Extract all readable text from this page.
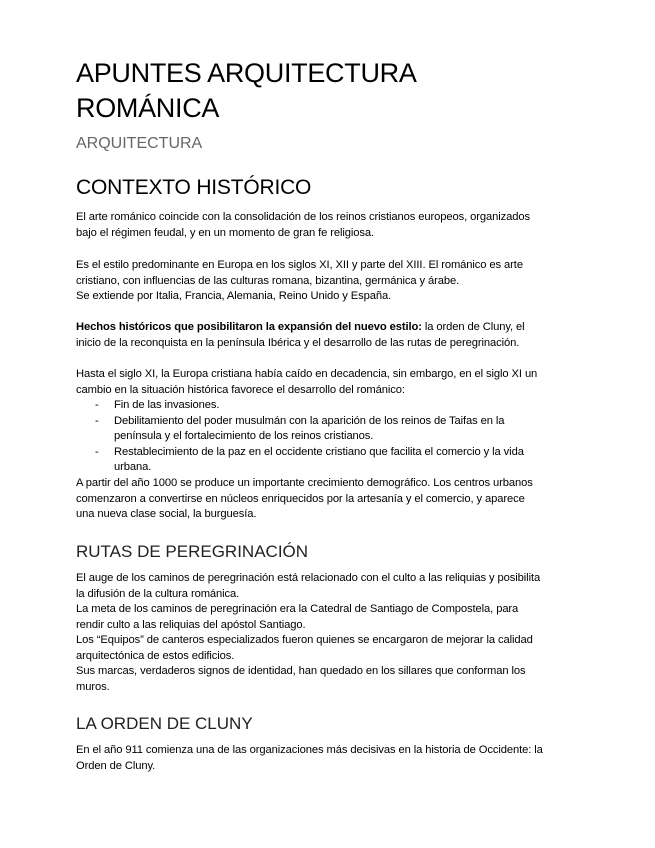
APUNTES ARQUITECTURA
ROMÁNICA

ARQUITECTURA

CONTEXTO HISTÓRICO

El arte románico coincide con la consolidación de los reinos cristianos europeos, organizados
bajo el régimen feudal, y en un momento de gran fe religiosa.

Es el estilo predominante en Europa en los siglos XI, XII y parte del XIII. El románico es arte
cristiano, con influencias de las culturas romana, bizantina, germánica y árabe.
Se extiende por Italia, Francia, Alemania, Reino Unido y España.

Hechos históricos que posibilitaron la expansión del nuevo estilo: la orden de Cluny, el
inicio de la reconquista en la península Ibérica y el desarrollo de las rutas de peregrinación.

Hasta el siglo XI, la Europa cristiana había caído en decadencia, sin embargo, en el siglo XI un
cambio en la situación histórica favorece el desarrollo del románico:

- Fin de las invasiones.
- Debilitamiento del poder musulmán con la aparición de los reinos de Taifas en la
península y el fortalecimiento de los reinos cristianos.
- Restablecimiento de la paz en el occidente cristiano que facilita el comercio y la vida
urbana.

A partir del año 1000 se produce un importante crecimiento demográfico. Los centros urbanos
comenzaron a convertirse en núcleos enriquecidos por la artesanía y el comercio, y aparece
una nueva clase social, la burguesía.

RUTAS DE PEREGRINACIÓN

El auge de los caminos de peregrinación está relacionado con el culto a las reliquias y posibilita
la difusión de la cultura románica.
La meta de los caminos de peregrinación era la Catedral de Santiago de Compostela, para
rendir culto a las reliquias del apóstol Santiago.
Los “Equipos” de canteros especializados fueron quienes se encargaron de mejorar la calidad
arquitectónica de estos edificios.
Sus marcas, verdaderos signos de identidad, han quedado en los sillares que conforman los
muros.

LA ORDEN DE CLUNY

En el año 911 comienza una de las organizaciones más decisivas en la historia de Occidente: la
Orden de Cluny.
